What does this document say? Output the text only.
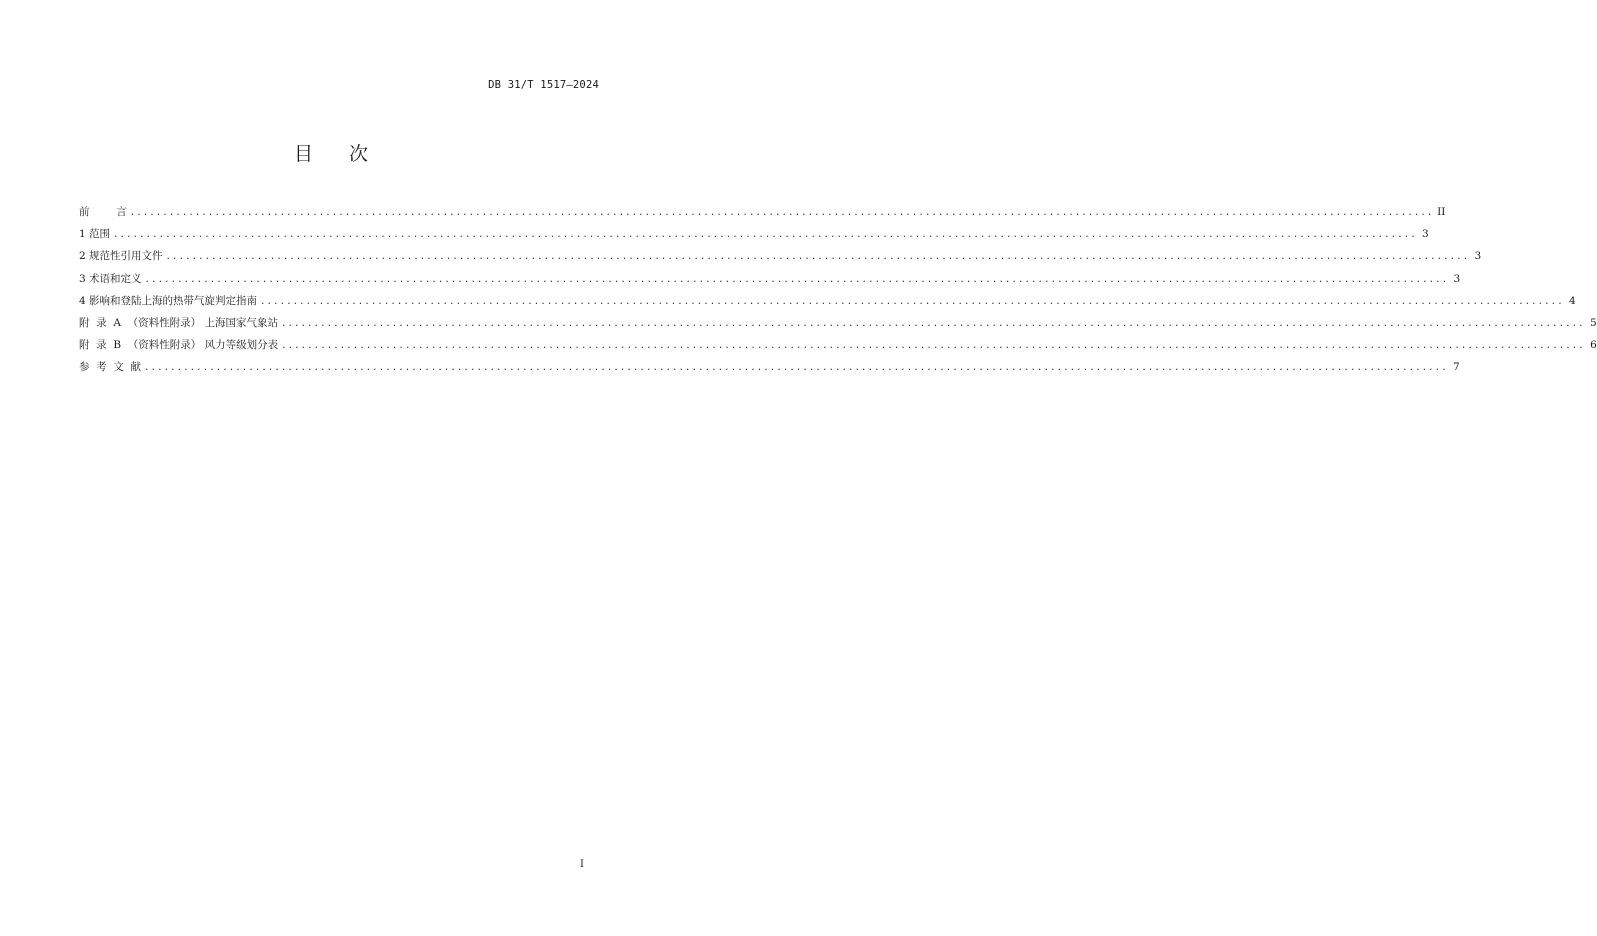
DB 31/T 1517—2024
目 次
前        言 ........................................................................................................................................................................................................ II
1 范围 ........................................................................................................................................................................................................ 3
2 规范性引用文件 ........................................................................................................................................................................................................ 3
3 术语和定义 ........................................................................................................................................................................................................ 3
4 影响和登陆上海的热带气旋判定指南 ........................................................................................................................................................................................................ 4
附  录  A  （资料性附录） 上海国家气象站 ........................................................................................................................................................................................................ 5
附  录  B  （资料性附录） 风力等级划分表 ........................................................................................................................................................................................................ 6
参  考  文  献 ........................................................................................................................................................................................................ 7
I
